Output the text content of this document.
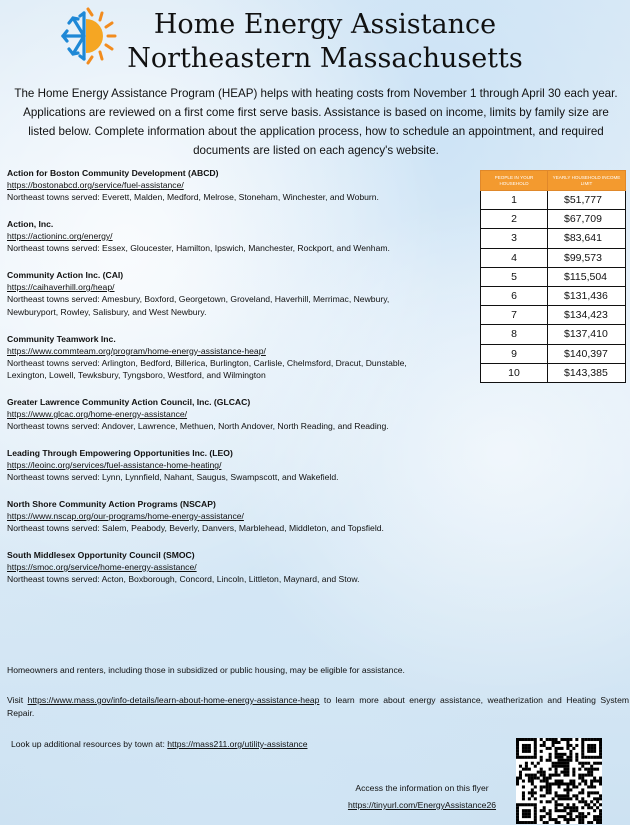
Home Energy Assistance
Northeastern Massachusetts
The Home Energy Assistance Program (HEAP) helps with heating costs from November 1 through April 30 each year. Applications are reviewed on a first come first serve basis. Assistance is based on income, limits by family size are listed below. Complete information about the application process, how to schedule an appointment, and required documents are listed on each agency's website.
Action for Boston Community Development (ABCD)
https://bostonabcd.org/service/fuel-assistance/
Northeast towns served: Everett, Malden, Medford, Melrose, Stoneham, Winchester, and Woburn.
Action, Inc.
https://actioninc.org/energy/
Northeast towns served: Essex, Gloucester, Hamilton, Ipswich, Manchester, Rockport, and Wenham.
Community Action Inc. (CAI)
https://caihaverhill.org/heap/
Northeast towns served: Amesbury, Boxford, Georgetown, Groveland, Haverhill, Merrimac, Newbury, Newburyport, Rowley, Salisbury, and West Newbury.
Community Teamwork Inc.
https://www.commteam.org/program/home-energy-assistance-heap/
Northeast towns served: Arlington, Bedford, Billerica, Burlington, Carlisle, Chelmsford, Dracut, Dunstable, Lexington, Lowell, Tewksbury, Tyngsboro, Westford, and Wilmington
Greater Lawrence Community Action Council, Inc. (GLCAC)
https://www.glcac.org/home-energy-assistance/
Northeast towns served: Andover, Lawrence, Methuen, North Andover, North Reading, and Reading.
Leading Through Empowering Opportunities Inc. (LEO)
https://leoinc.org/services/fuel-assistance-home-heating/
Northeast towns served: Lynn, Lynnfield, Nahant, Saugus, Swampscott, and Wakefield.
North Shore Community Action Programs (NSCAP)
https://www.nscap.org/our-programs/home-energy-assistance/
Northeast towns served: Salem, Peabody, Beverly, Danvers, Marblehead, Middleton, and Topsfield.
South Middlesex Opportunity Council (SMOC)
https://smoc.org/service/home-energy-assistance/
Northeast towns served: Acton, Boxborough, Concord, Lincoln, Littleton, Maynard, and Stow.
PEOPLE IN YOUR HOUSEHOLD	YEARLY HOUSEHOLD INCOME LIMIT
1	$51,777
2	$67,709
3	$83,641
4	$99,573
5	$115,504
6	$131,436
7	$134,423
8	$137,410
9	$140,397
10	$143,385
Homeowners and renters, including those in subsidized or public housing, may be eligible for assistance.
Visit https://www.mass.gov/info-details/learn-about-home-energy-assistance-heap to learn more about energy assistance, weatherization and Heating System Repair.
Look up additional resources by town at: https://mass211.org/utility-assistance
Access the information on this flyer
https://tinyurl.com/EnergyAssistance26
